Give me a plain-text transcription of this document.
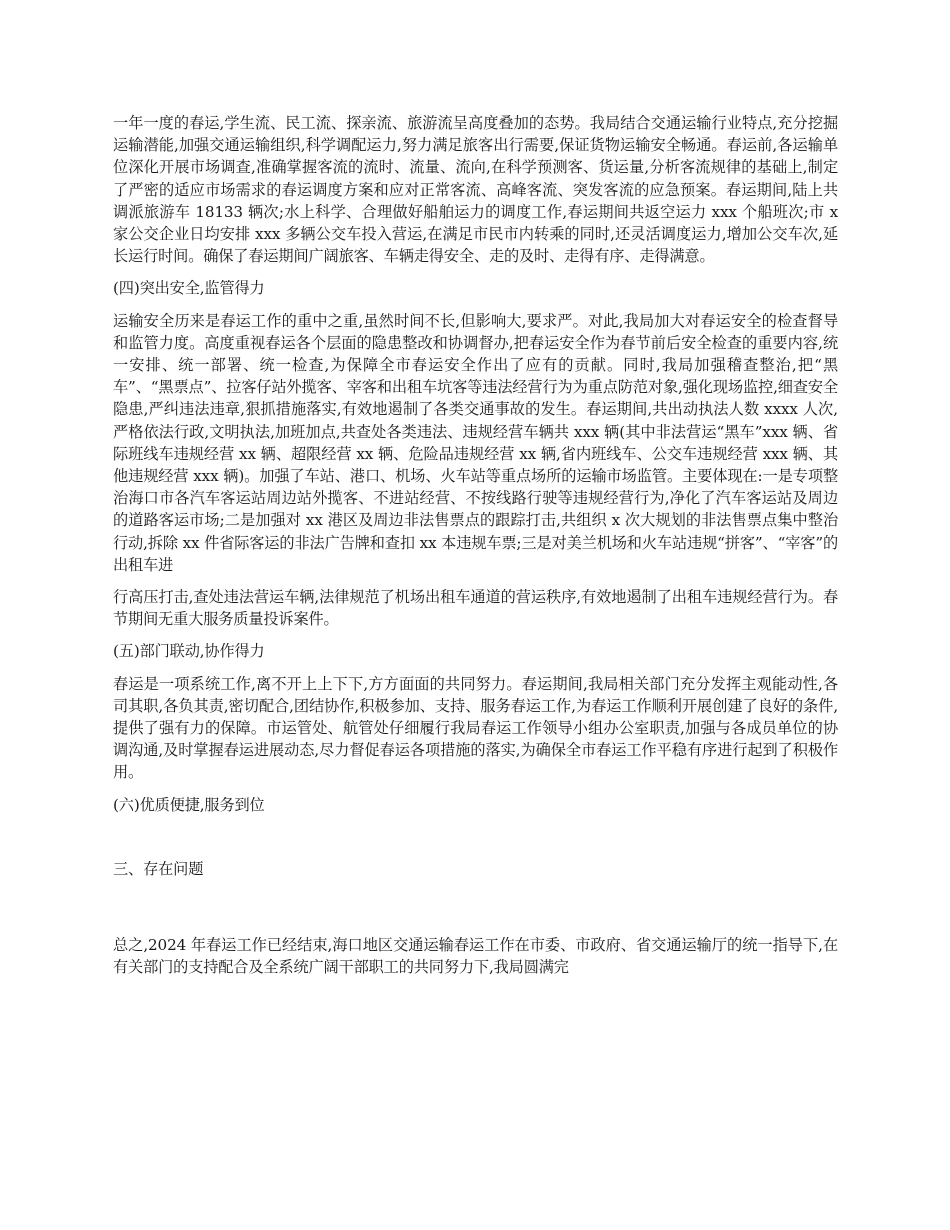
一年一度的春运,学生流、民工流、探亲流、旅游流呈高度叠加的态势。我局结合交通运输行业特点,充分挖掘运输潜能,加强交通运输组织,科学调配运力,努力满足旅客出行需要,保证货物运输安全畅通。春运前,各运输单位深化开展市场调查,准确掌握客流的流时、流量、流向,在科学预测客、货运量,分析客流规律的基础上,制定了严密的适应市场需求的春运调度方案和应对正常客流、高峰客流、突发客流的应急预案。春运期间,陆上共调派旅游车 18133 辆次;水上科学、合理做好船舶运力的调度工作,春运期间共返空运力 xxx 个船班次;市 x 家公交企业日均安排 xxx 多辆公交车投入营运,在满足市民市内转乘的同时,还灵活调度运力,增加公交车次,延长运行时间。确保了春运期间广阔旅客、车辆走得安全、走的及时、走得有序、走得满意。

(四)突出安全,监管得力

运输安全历来是春运工作的重中之重,虽然时间不长,但影响大,要求严。对此,我局加大对春运安全的检查督导和监管力度。高度重视春运各个层面的隐患整改和协调督办,把春运安全作为春节前后安全检查的重要内容,统一安排、统一部署、统一检查,为保障全市春运安全作出了应有的贡献。同时,我局加强稽查整治,把“黑车”、“黑票点”、拉客仔站外揽客、宰客和出租车坑客等违法经营行为为重点防范对象,强化现场监控,细查安全隐患,严纠违法违章,狠抓措施落实,有效地遏制了各类交通事故的发生。春运期间,共出动执法人数 xxxx 人次,严格依法行政,文明执法,加班加点,共查处各类违法、违规经营车辆共 xxx 辆(其中非法营运“黑车”xxx 辆、省际班线车违规经营 xx 辆、超限经营 xx 辆、危险品违规经营 xx 辆,省内班线车、公交车违规经营 xxx 辆、其他违规经营 xxx 辆)。加强了车站、港口、机场、火车站等重点场所的运输市场监管。主要体现在:一是专项整治海口市各汽车客运站周边站外揽客、不进站经营、不按线路行驶等违规经营行为,净化了汽车客运站及周边的道路客运市场;二是加强对 xx 港区及周边非法售票点的跟踪打击,共组织 x 次大规划的非法售票点集中整治行动,拆除 xx 件省际客运的非法广告牌和查扣 xx 本违规车票;三是对美兰机场和火车站违规“拼客”、“宰客”的出租车进

行高压打击,查处违法营运车辆,法律规范了机场出租车通道的营运秩序,有效地遏制了出租车违规经营行为。春节期间无重大服务质量投诉案件。

(五)部门联动,协作得力

春运是一项系统工作,离不开上上下下,方方面面的共同努力。春运期间,我局相关部门充分发挥主观能动性,各司其职,各负其责,密切配合,团结协作,积极参加、支持、服务春运工作,为春运工作顺利开展创建了良好的条件,提供了强有力的保障。市运管处、航管处仔细履行我局春运工作领导小组办公室职责,加强与各成员单位的协调沟通,及时掌握春运进展动态,尽力督促春运各项措施的落实,为确保全市春运工作平稳有序进行起到了积极作用。

(六)优质便捷,服务到位

三、存在问题

总之,2024 年春运工作已经结束,海口地区交通运输春运工作在市委、市政府、省交通运输厅的统一指导下,在有关部门的支持配合及全系统广阔干部职工的共同努力下,我局圆满完
